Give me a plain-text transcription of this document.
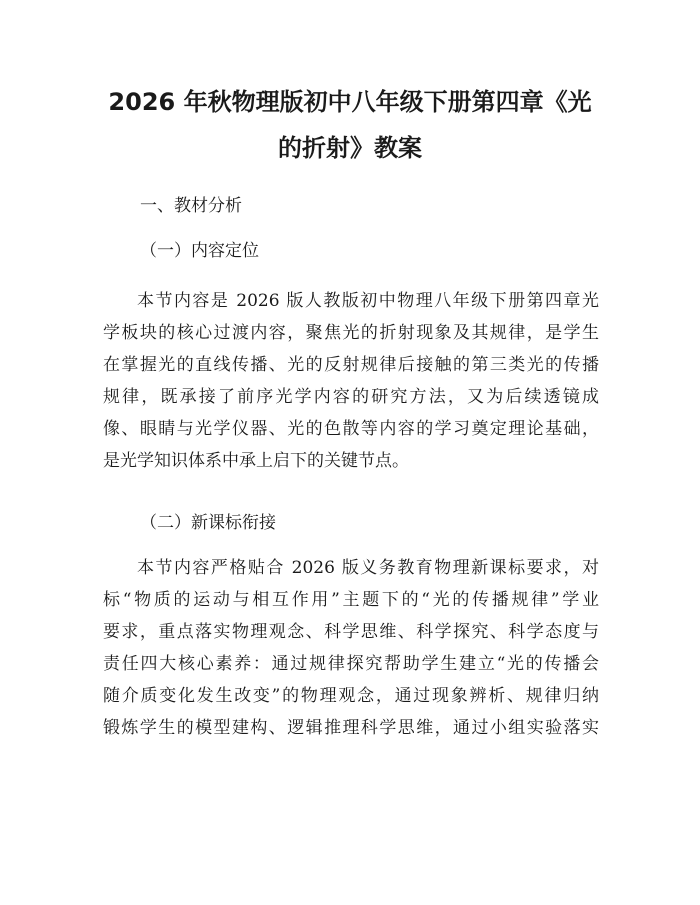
2026 年秋物理版初中八年级下册第四章《光
的折射》教案
一、教材分析
（一）内容定位
本节内容是 2026 版人教版初中物理八年级下册第四章光
学板块的核心过渡内容，聚焦光的折射现象及其规律，是学生
在掌握光的直线传播、光的反射规律后接触的第三类光的传播
规律，既承接了前序光学内容的研究方法，又为后续透镜成
像、眼睛与光学仪器、光的色散等内容的学习奠定理论基础，
是光学知识体系中承上启下的关键节点。
（二）新课标衔接
本节内容严格贴合 2026 版义务教育物理新课标要求，对
标“物质的运动与相互作用”主题下的“光的传播规律”学业
要求，重点落实物理观念、科学思维、科学探究、科学态度与
责任四大核心素养：通过规律探究帮助学生建立“光的传播会
随介质变化发生改变”的物理观念，通过现象辨析、规律归纳
锻炼学生的模型建构、逻辑推理科学思维，通过小组实验落实
